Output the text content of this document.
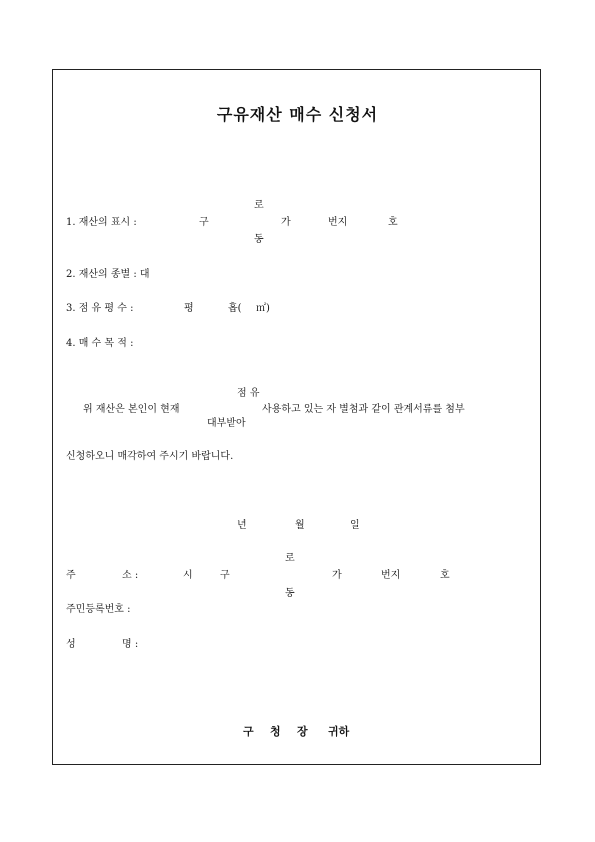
구유재산 매수 신청서
로
1. 재산의 표시 :	구	가	번지	호
동
2. 재산의 종별 : 대
3. 점 유 평 수 :	평	홉( ㎡)
4. 매 수 목 적 :
점 유
위 재산은 본인이 현재	사용하고 있는 자 별첨과 같이 관계서류를 첨부
대부받아
신청하오니 매각하여 주시기 바랍니다.
년	월	일
로
주	소 :	시	구	가	번지	호
동
주민등록번호 :
성	명 :
구 청 장 귀하
